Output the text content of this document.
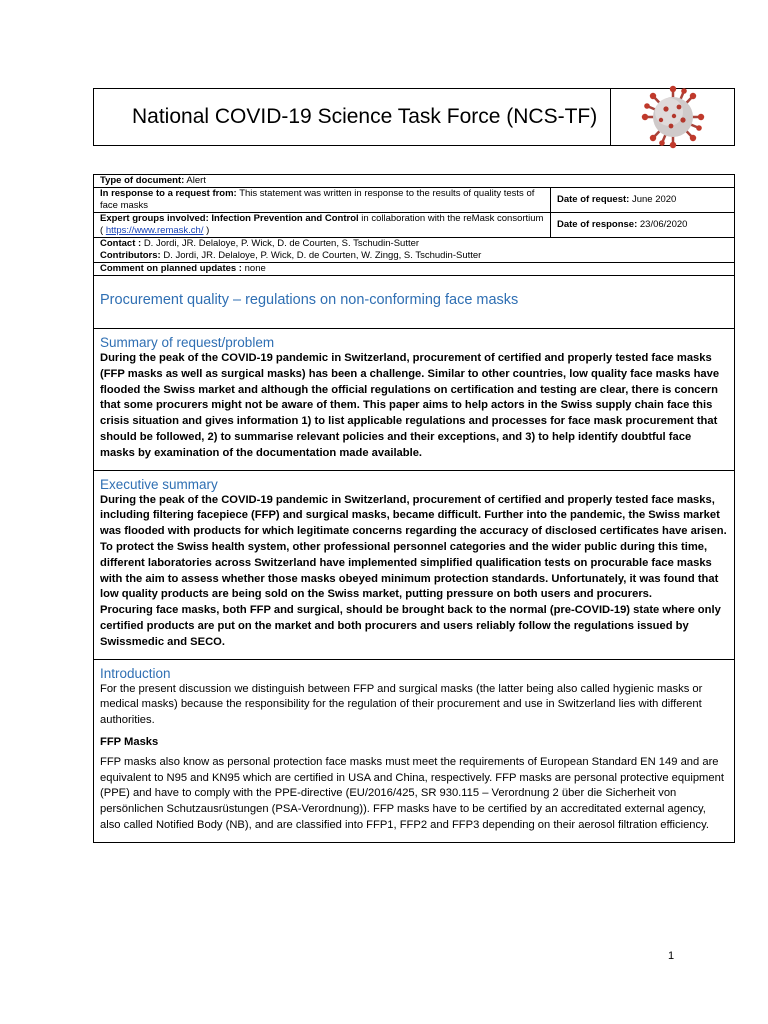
National COVID-19 Science Task Force (NCS-TF)
Type of document: Alert
In response to a request from: This statement was written in response to the results of quality tests of face masks
Date of request:
June 2020
Expert groups involved: Infection Prevention and Control in collaboration with the reMask consortium ( https://www.remask.ch/ )
Date of response:
23/06/2020
Contact : D. Jordi, JR. Delaloye, P. Wick, D. de Courten, S. Tschudin-Sutter
Contributors: D. Jordi, JR. Delaloye, P. Wick, D. de Courten, W. Zingg, S. Tschudin-Sutter
Comment on planned updates : none
Procurement quality – regulations on non-conforming face masks
Summary of request/problem
During the peak of the COVID-19 pandemic in Switzerland, procurement of certified and properly tested face masks (FFP masks as well as surgical masks) has been a challenge. Similar to other countries, low quality face masks have flooded the Swiss market and although the official regulations on certification and testing are clear, there is concern that some procurers might not be aware of them. This paper aims to help actors in the Swiss supply chain face this crisis situation and gives information 1) to list applicable regulations and processes for face mask procurement that should be followed, 2) to summarise relevant policies and their exceptions, and 3) to help identify doubtful face masks by examination of the documentation made available.
Executive summary

During the peak of the COVID-19 pandemic in Switzerland, procurement of certified and properly tested face masks, including filtering facepiece (FFP) and surgical masks, became difficult. Further into the pandemic, the Swiss market was flooded with products for which legitimate concerns regarding the accuracy of disclosed certificates have arisen. To protect the Swiss health system, other professional personnel categories and the wider public during this time, different laboratories across Switzerland have implemented simplified qualification tests on procurable face masks with the aim to assess whether those masks obeyed minimum protection standards. Unfortunately, it was found that low quality products are being sold on the Swiss market, putting pressure on both users and procurers.

Procuring face masks, both FFP and surgical, should be brought back to the normal (pre-COVID-19) state where only certified products are put on the market and both procurers and users reliably follow the regulations issued by Swissmedic and SECO.

Introduction

For the present discussion we distinguish between FFP and surgical masks (the latter being also called hygienic masks or medical masks) because the responsibility for the regulation of their procurement and use in Switzerland lies with different authorities.

FFP Masks

FFP masks also know as personal protection face masks must meet the requirements of European Standard EN 149 and are equivalent to N95 and KN95 which are certified in USA and China, respectively. FFP masks are personal protective equipment (PPE) and have to comply with the PPE-directive (EU/2016/425, SR 930.115 – Verordnung 2 über die Sicherheit von persönlichen Schutzausrüstungen (PSA-Verordnung)). FFP masks have to be certified by an accreditated external agency, also called Notified Body (NB), and are classified into FFP1, FFP2 and FFP3 depending on their aerosol filtration efficiency.

1
